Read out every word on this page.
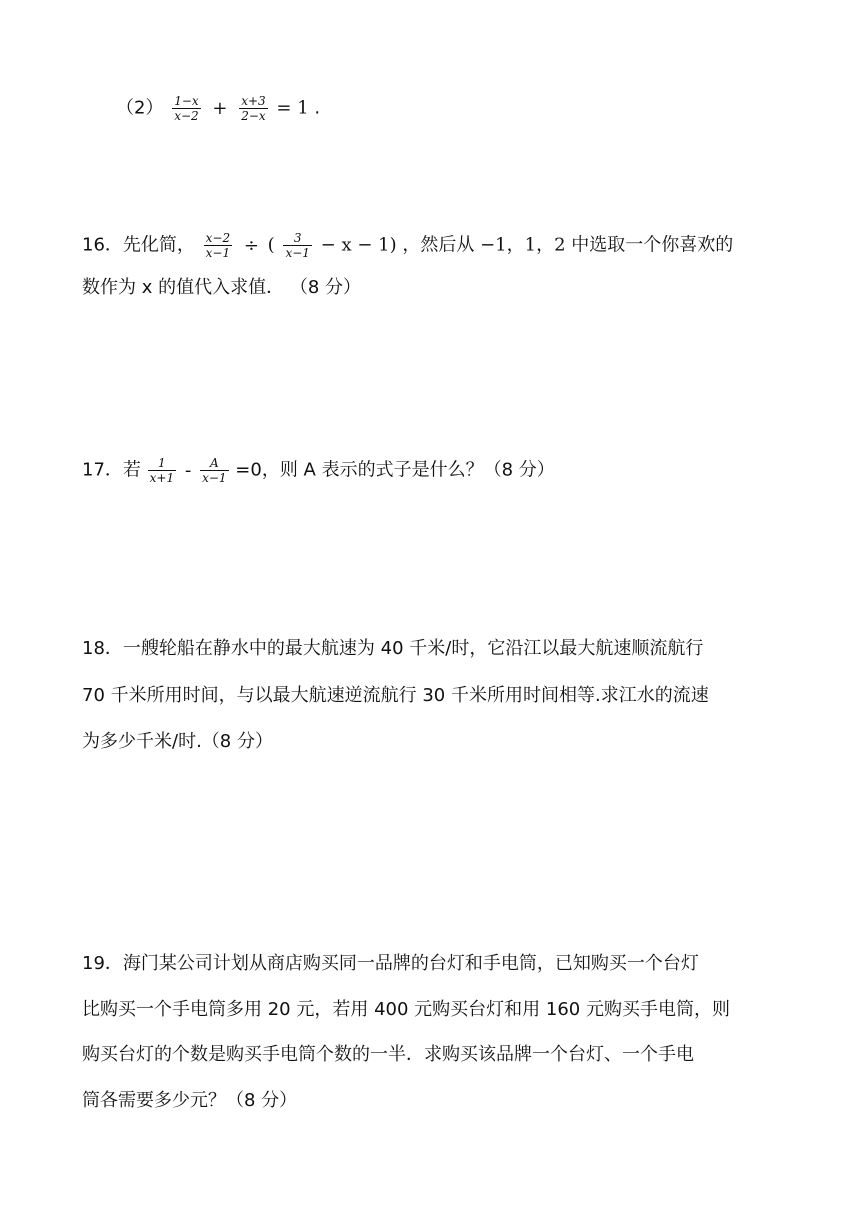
$(2) \frac{1-x}{x-2} + \frac{x+3}{2-x} = 1$ .
16．先化简， $\frac{x-2}{x-1}$ ÷ ( $\frac{3}{x-1} - x - 1$) ，然后从 −1，1，2 中选取一个你喜欢的
数作为 x 的值代入求值． （8 分）
17．若 $\frac{1}{x+1} - \frac{A}{x-1} =0$，则 A 表示的式子是什么？（8 分）
18．一艘轮船在静水中的最大航速为 40 千米/时，它沿江以最大航速顺流航行
70 千米所用时间，与以最大航速逆流航行 30 千米所用时间相等.求江水的流速
为多少千米/时.（8 分）
19．海门某公司计划从商店购买同一品牌的台灯和手电筒，已知购买一个台灯
比购买一个手电筒多用 20 元，若用 400 元购买台灯和用 160 元购买手电筒，则
购买台灯的个数是购买手电筒个数的一半．求购买该品牌一个台灯、一个手电
筒各需要多少元？（8 分）
